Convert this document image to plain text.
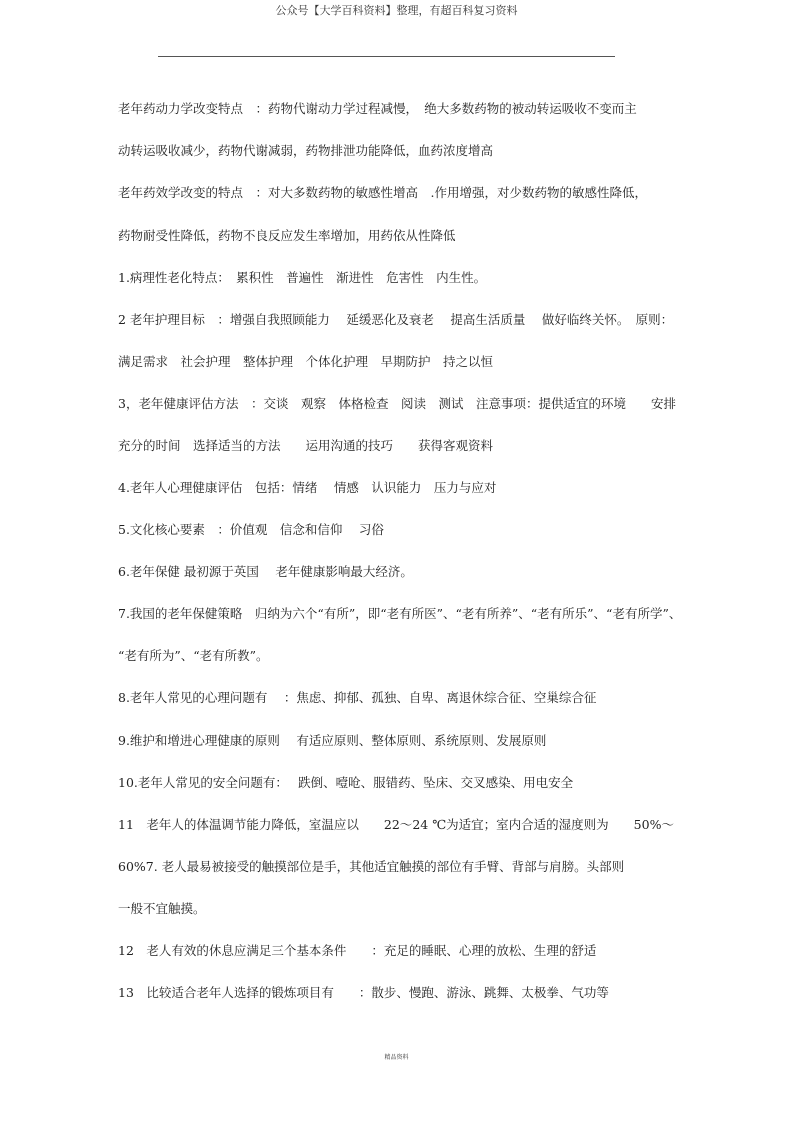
公众号【大学百科资料】整理，有超百科复习资料
老年药动力学改变特点　：药物代谢动力学过程减慢，　绝大多数药物的被动转运吸收不变而主
动转运吸收减少，药物代谢减弱，药物排泄功能降低，血药浓度增高
老年药效学改变的特点　：对大多数药物的敏感性增高　.作用增强，对少数药物的敏感性降低，
药物耐受性降低，药物不良反应发生率增加，用药依从性降低
1.病理性老化特点：　累积性　普遍性　渐进性　危害性　内生性。
2 老年护理目标　：增强自我照顾能力　 延缓恶化及衰老　 提高生活质量　 做好临终关怀。　原则：
满足需求　社会护理　整体护理　个体化护理　早期防护　持之以恒
3，老年健康评估方法　：交谈　观察　体格检查　阅读　测试　注意事项：提供适宜的环境　　安排
充分的时间　选择适当的方法　　运用沟通的技巧　　获得客观资料
4.老年人心理健康评估　包括：情绪　 情感　认识能力　压力与应对
5.文化核心要素　：价值观　信念和信仰　 习俗
6.老年保健 最初源于英国　 老年健康影响最大经济。
7.我国的老年保健策略　归纳为六个“有所”，即“老有所医”、“老有所养”、“老有所乐”、“老有所学”、
“老有所为”、“老有所教”。
8.老年人常见的心理问题有　 ：焦虑、抑郁、孤独、自卑、离退休综合征、空巢综合征
9.维护和增进心理健康的原则　 有适应原则、整体原则、系统原则、发展原则
10.老年人常见的安全问题有：　 跌倒、噎呛、服错药、坠床、交叉感染、用电安全
11　老年人的体温调节能力降低，室温应以　　22～24 ℃为适宜；室内合适的湿度则为　　50%～
60%7. 老人最易被接受的触摸部位是手，其他适宜触摸的部位有手臂、背部与肩膀。头部则
一般不宜触摸。
12　老人有效的休息应满足三个基本条件　　：充足的睡眠、心理的放松、生理的舒适
13　比较适合老年人选择的锻炼项目有　　：散步、慢跑、游泳、跳舞、太极拳、气功等
精品资料
